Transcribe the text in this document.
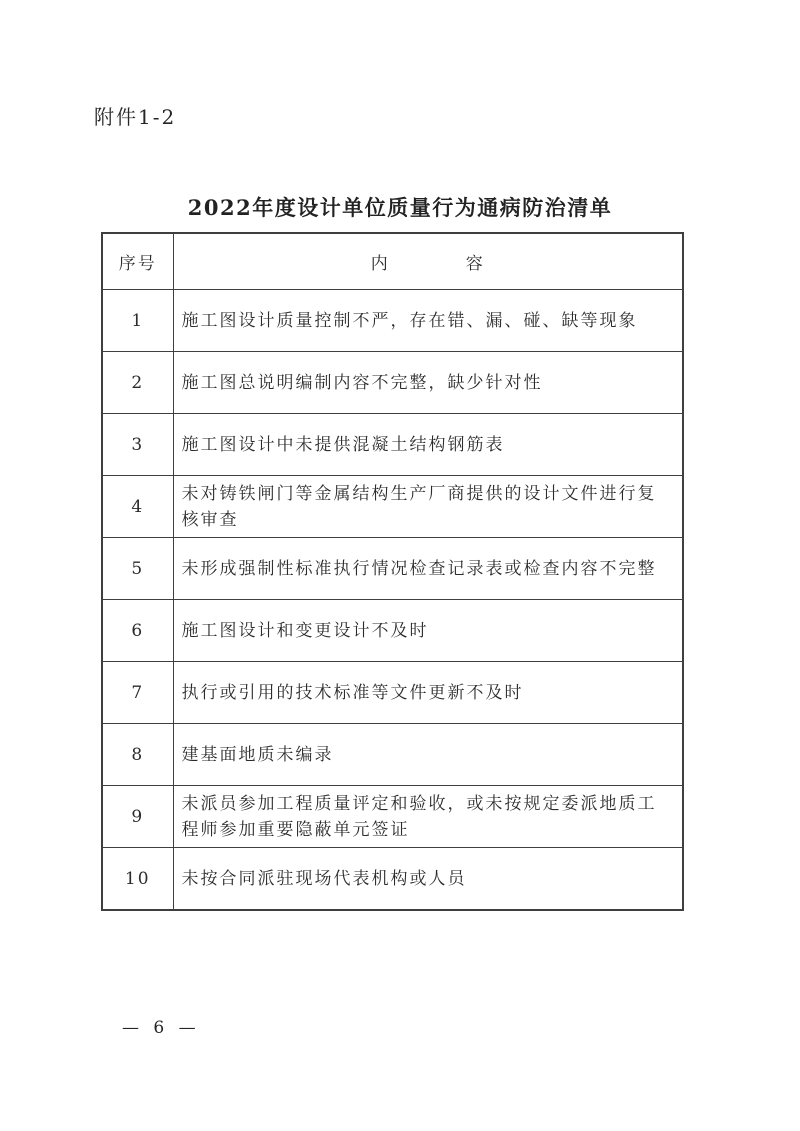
附件1-2
2022年度设计单位质量行为通病防治清单
序号	内　　　　容
1	施工图设计质量控制不严，存在错、漏、碰、缺等现象
2	施工图总说明编制内容不完整，缺少针对性
3	施工图设计中未提供混凝土结构钢筋表
4	未对铸铁闸门等金属结构生产厂商提供的设计文件进行复核审查
5	未形成强制性标准执行情况检查记录表或检查内容不完整
6	施工图设计和变更设计不及时
7	执行或引用的技术标准等文件更新不及时
8	建基面地质未编录
9	未派员参加工程质量评定和验收，或未按规定委派地质工程师参加重要隐蔽单元签证
10	未按合同派驻现场代表机构或人员
— 6 —
